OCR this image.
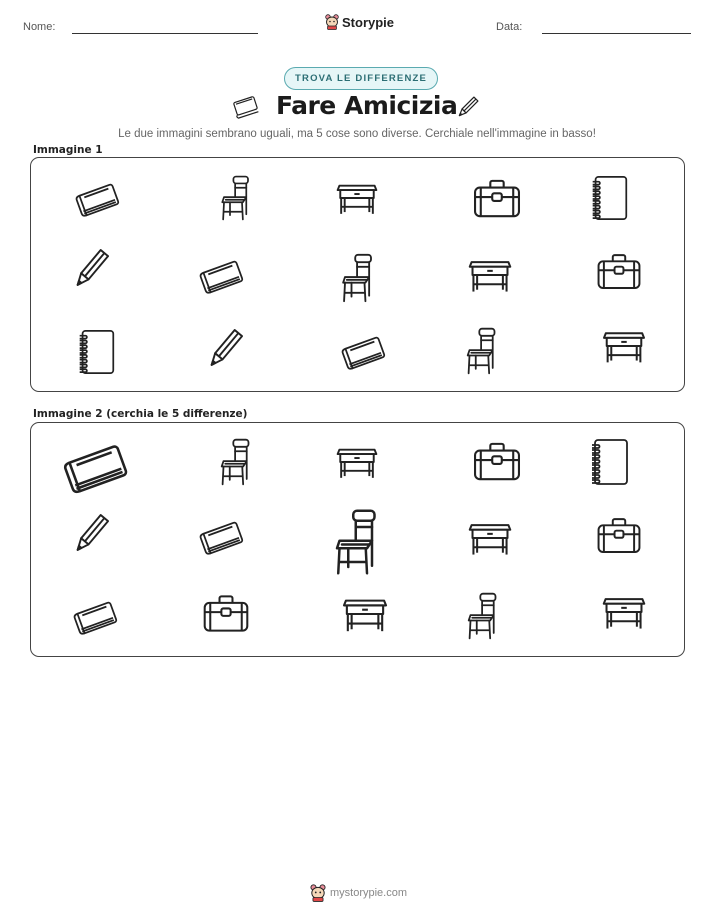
Nome:	Storypie	Data:
TROVA LE DIFFERENZE
Fare Amicizia
Le due immagini sembrano uguali, ma 5 cose sono diverse. Cerchiale nell'immagine in basso!
Immagine 1
Immagine 2 (cerchia le 5 differenze)
mystorypie.com
